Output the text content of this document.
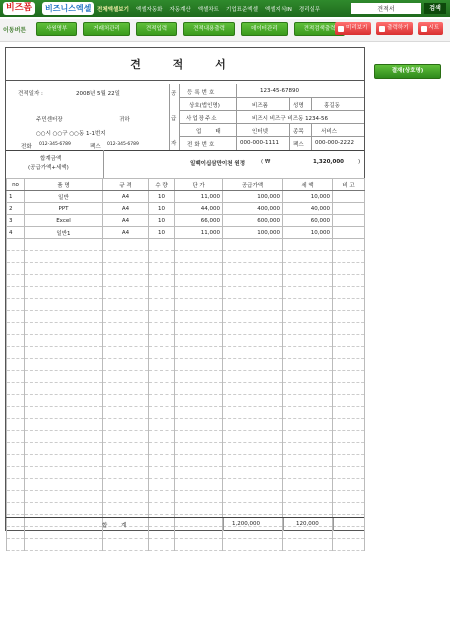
비즈폼	비즈니스엑셀	전체엑셀보기 엑셀자동화 자동계산 엑셀차트 기업표준엑셀 엑셀지식IN 경리실무	견적서	검색
이동버튼	사원명부	거래처관리	견적입력	견적내용출력	데이터관리	견적검색출력	미리보기	출력하기	시트
결재(상호명)
견 적 서
견적일자 :	2008년 5월 22일
주민센터장	귀하
○○시 ○○구 ○○동 1-1번지
전화 012-345-6789	팩스 012-345-6789
공
급
자
등록번호	123-45-67890
상호(법인명)	비즈폼	성명	홍길동
사업장주소	비즈시 비즈구 비즈동 1234-56
업태	인터넷	종목	서비스
전화번호	000-000-1111	팩스 000-000-2222
합계금액
(공급가액+세액)
일백이십삼만이천 원정	( ₩	1,320,000	)
no	품 명	규 격	수 량	단 가	공급가액	세 액	비 고
1	일반	A4	10	11,000	100,000	10,000	
2	PPT	A4	10	44,000	400,000	40,000	
3	Excel	A4	10	66,000	600,000	60,000	
4	일반1	A4	10	11,000	100,000	10,000	

합 계	1,200,000	120,000
